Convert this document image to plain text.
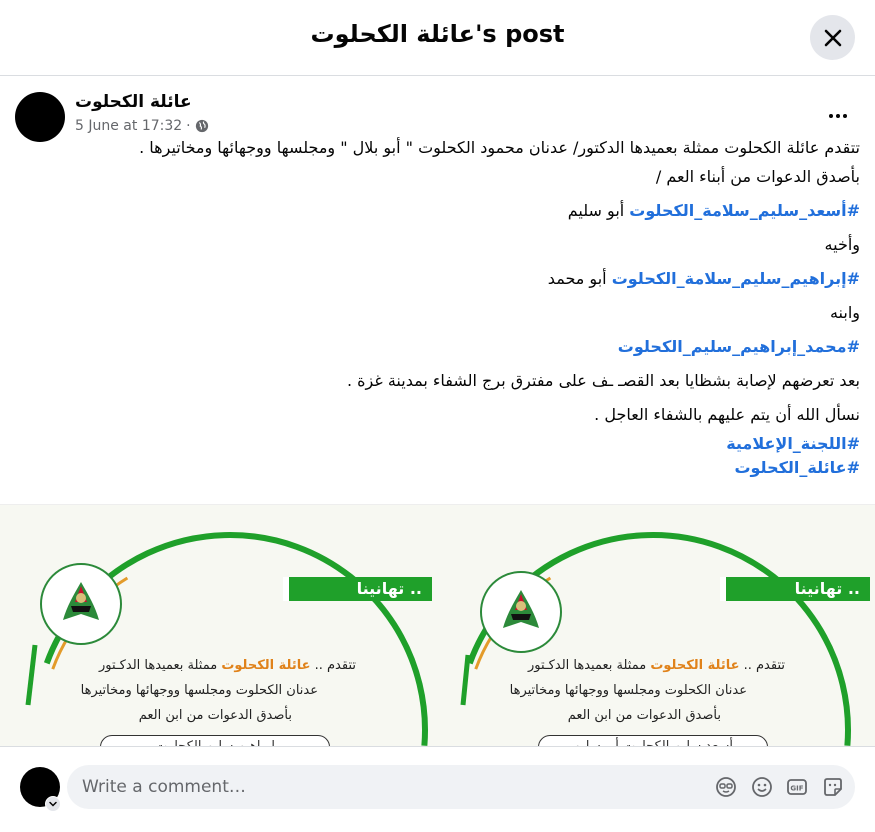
عائلة الكحلوت's post
عائلة الكحلوت
5 June at 17:32 ·

تتقدم عائلة الكحلوت ممثلة بعميدها الدكتور/ عدنان محمود الكحلوت " أبو بلال " ومجلسها ووجهائها ومخاتيرها .

بأصدق الدعوات من أبناء العم /

#أسعد_سليم_سلامة_الكحلوت أبو سليم

وأخيه

#إبراهيم_سليم_سلامة_الكحلوت أبو محمد

وابنه

#محمد_إبراهيم_سليم_الكحلوت

بعد تعرضهم لإصابة بشظايا بعد القصـ ـف على مفترق برج الشفاء بمدينة غزة .

نسأل الله أن يتم عليهم بالشفاء العاجل .

#اللجنة_الإعلامية

#عائلة_الكحلوت

تهانينا ..
تتقدم .. عائلة الكحلوت ممثلة بعميدها الدكـتور
عدنان الكحلوت ومجلسها ووجهائها ومخاتيرها
بأصدق الدعوات من ابن العم
تهانينا ..
تتقدم .. عائلة الكحلوت ممثلة بعميدها الدكـتور
عدنان الكحلوت ومجلسها ووجهائها ومخاتيرها
بأصدق الدعوات من ابن العم
Write a comment…
GIF
